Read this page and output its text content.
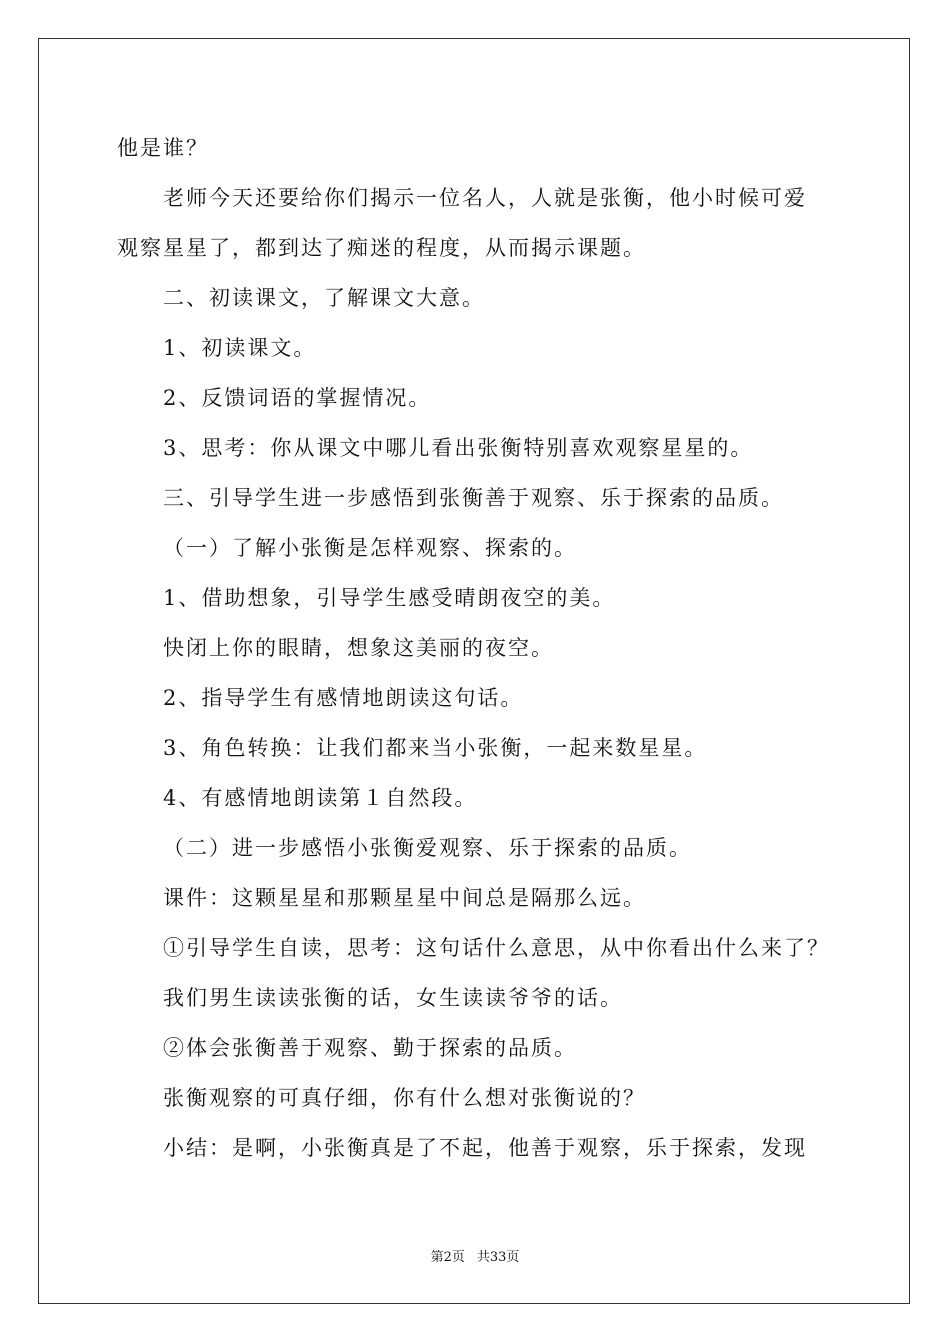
他是谁？
老师今天还要给你们揭示一位名人，人就是张衡，他小时候可爱
观察星星了，都到达了痴迷的程度，从而揭示课题。
二、初读课文，了解课文大意。
1、初读课文。
2、反馈词语的掌握情况。
3、思考：你从课文中哪儿看出张衡特别喜欢观察星星的。
三、引导学生进一步感悟到张衡善于观察、乐于探索的品质。
（一）了解小张衡是怎样观察、探索的。
1、借助想象，引导学生感受晴朗夜空的美。
快闭上你的眼睛，想象这美丽的夜空。
2、指导学生有感情地朗读这句话。
3、角色转换：让我们都来当小张衡，一起来数星星。
4、有感情地朗读第１自然段。
（二）进一步感悟小张衡爱观察、乐于探索的品质。
课件：这颗星星和那颗星星中间总是隔那么远。
①引导学生自读，思考：这句话什么意思，从中你看出什么来了？
我们男生读读张衡的话，女生读读爷爷的话。
②体会张衡善于观察、勤于探索的品质。
张衡观察的可真仔细，你有什么想对张衡说的？
小结：是啊，小张衡真是了不起，他善于观察，乐于探索，发现
第2页 共33页
